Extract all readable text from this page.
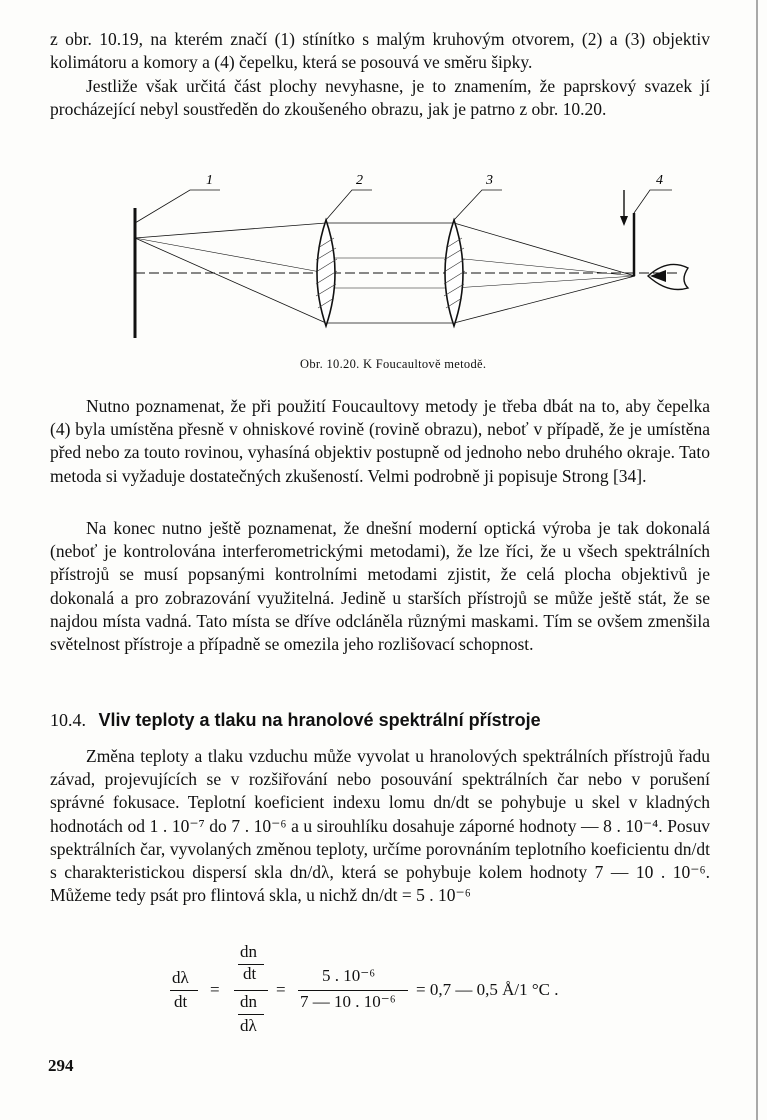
z obr. 10.19, na kterém značí (1) stínítko s malým kruhovým otvorem, (2) a (3) objektiv kolimátoru a komory a (4) čepelku, která se posouvá ve směru šipky.

Jestliže však určitá část plochy nevyhasne, je to znamením, že paprskový svazek jí procházející nebyl soustředěn do zkoušeného obrazu, jak je patrno z obr. 10.20.

1	2	3	4
Obr. 10.20. K Foucaultově metodě.

Nutno poznamenat, že při použití Foucaultovy metody je třeba dbát na to, aby čepelka (4) byla umístěna přesně v ohniskové rovině (rovině obrazu), neboť v případě, že je umístěna před nebo za touto rovinou, vyhasíná objektiv postupně od jednoho nebo druhého okraje. Tato metoda si vyžaduje dostatečných zkušeností. Velmi podrobně ji popisuje Strong [34].

Na konec nutno ještě poznamenat, že dnešní moderní optická výroba je tak dokonalá (neboť je kontrolována interferometrickými metodami), že lze říci, že u všech spektrálních přístrojů se musí popsanými kontrolními metodami zjistit, že celá plocha objektivů je dokonalá a pro zobrazování využitelná. Jedině u starších přístrojů se může ještě stát, že se najdou místa vadná. Tato místa se dříve odcláněla různými maskami. Tím se ovšem zmenšila světelnost přístroje a případně se omezila jeho rozlišovací schopnost.

10.4. Vliv teploty a tlaku na hranolové spektrální přístroje

Změna teploty a tlaku vzduchu může vyvolat u hranolových spektrálních přístrojů řadu závad, projevujících se v rozšiřování nebo posouvání spektrálních čar nebo v porušení správné fokusace. Teplotní koeficient indexu lomu dn/dt se pohybuje u skel v kladných hodnotách od 1 . 10⁻⁷ do 7 . 10⁻⁶ a u sirouhlíku dosahuje záporné hodnoty — 8 . 10⁻⁴. Posuv spektrálních čar, vyvolaných změnou teploty, určíme porovnáním teplotního koeficientu dn/dt s charakteristickou dispersí skla dn/dλ, která se pohybuje kolem hodnoty 7 — 10 . 10⁻⁶. Můžeme tedy psát pro flintová skla, u nichž dn/dt = 5 . 10⁻⁶

dλ
dt
=
dn
dt
dn
dλ
=
5 . 10⁻⁶
7 — 10 . 10⁻⁶
= 0,7 — 0,5 Å/1 °C .
294
